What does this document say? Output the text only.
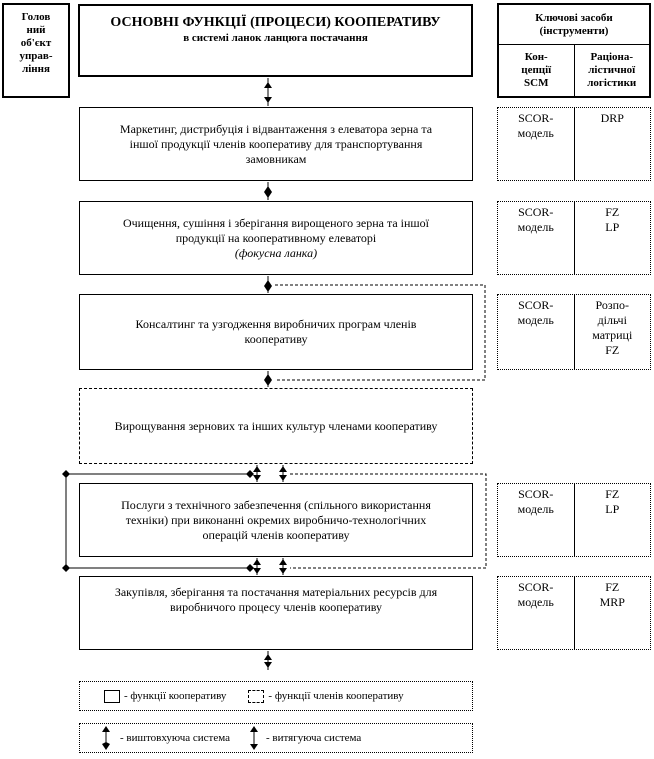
Голов
ний
об'єкт
управ-
ління
ОСНОВНІ ФУНКЦІЇ (ПРОЦЕСИ) КООПЕРАТИВУ
в системі ланок ланцюга постачання
Ключові засоби
(інструменти)
Кон-
цепції
SCM
Раціона-
лістичної
логістики
Маркетинг, дистрибуція і відвантаження з елеватора зерна та
іншої продукції членів кооперативу для транспортування
замовникам
Очищення, сушіння і зберігання вирощеного зерна та іншої
продукції на кооперативному елеваторі
(фокусна ланка)
Консалтинг та узгодження виробничих програм членів
кооперативу
Вирощування зернових та інших культур членами кооперативу
Послуги з технічного забезпечення (спільного використання
техніки) при виконанні окремих виробничо-технологічних
операцій членів кооперативу
Закупівля, зберігання та постачання матеріальних ресурсів для
виробничого процесу членів кооперативу
SCOR-
модель
DRP
SCOR-
модель
FZ
LP
SCOR-
модель
Розпо-
дільчі
матриці
FZ
SCOR-
модель
FZ
LP
SCOR-
модель
FZ
MRP
- функції кооперативу	- функції членів кооперативу
- виштовхуюча система	- витягуюча система
